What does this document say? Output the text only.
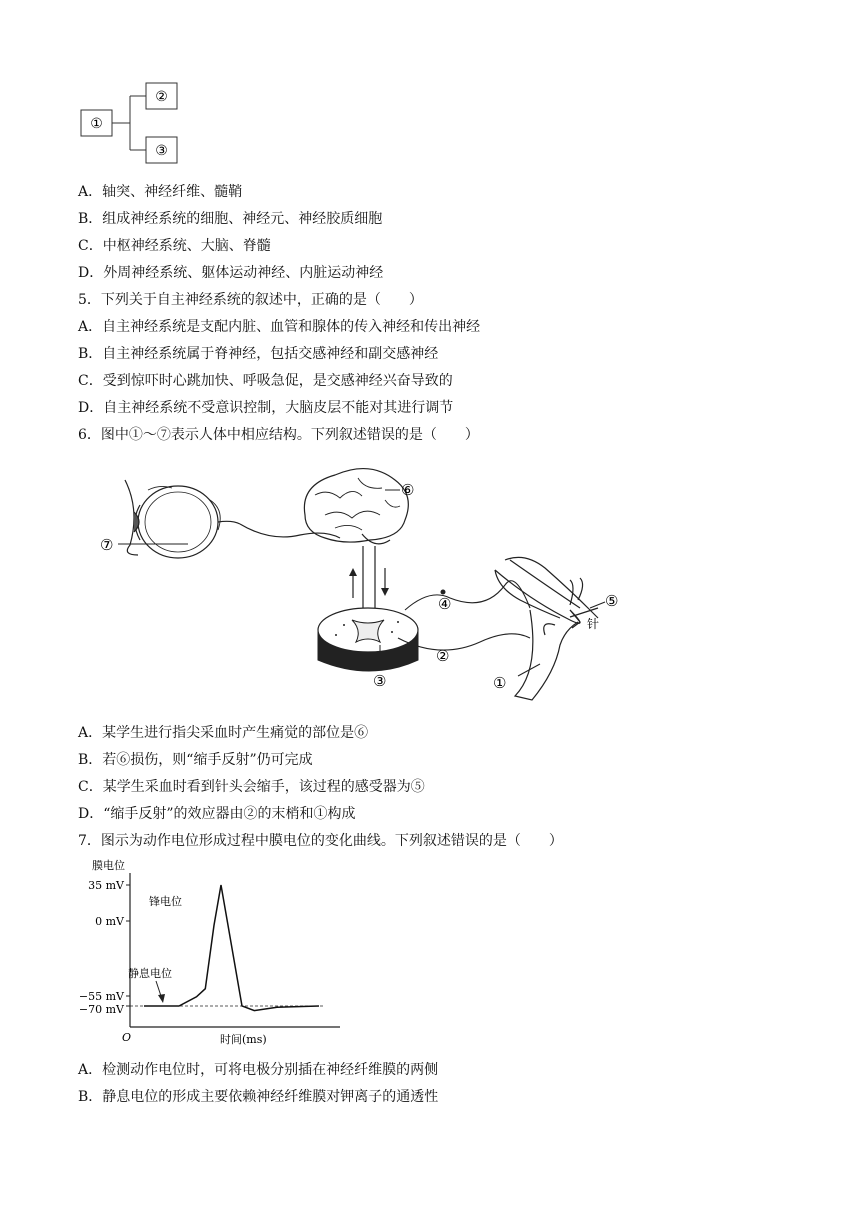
①
②
③
A．轴突、神经纤维、髓鞘
B．组成神经系统的细胞、神经元、神经胶质细胞
C．中枢神经系统、大脑、脊髓
D．外周神经系统、躯体运动神经、内脏运动神经
5．下列关于自主神经系统的叙述中，正确的是（　　）
A．自主神经系统是支配内脏、血管和腺体的传入神经和传出神经
B．自主神经系统属于脊神经，包括交感神经和副交感神经
C．受到惊吓时心跳加快、呼吸急促，是交感神经兴奋导致的
D．自主神经系统不受意识控制，大脑皮层不能对其进行调节
6．图中①～⑦表示人体中相应结构。下列叙述错误的是（　　）
⑦
⑥
③
④
②
①
⑤
针
A．某学生进行指尖采血时产生痛觉的部位是⑥
B．若⑥损伤，则“缩手反射”仍可完成
C．某学生采血时看到针头会缩手，该过程的感受器为⑤
D．“缩手反射”的效应器由②的末梢和①构成
7．图示为动作电位形成过程中膜电位的变化曲线。下列叙述错误的是（　　）
膜电位
O	时间(ms)
35 mV
0 mV
−55 mV
−70 mV
锋电位
静息电位
A．检测动作电位时，可将电极分别插在神经纤维膜的两侧
B．静息电位的形成主要依赖神经纤维膜对钾离子的通透性
